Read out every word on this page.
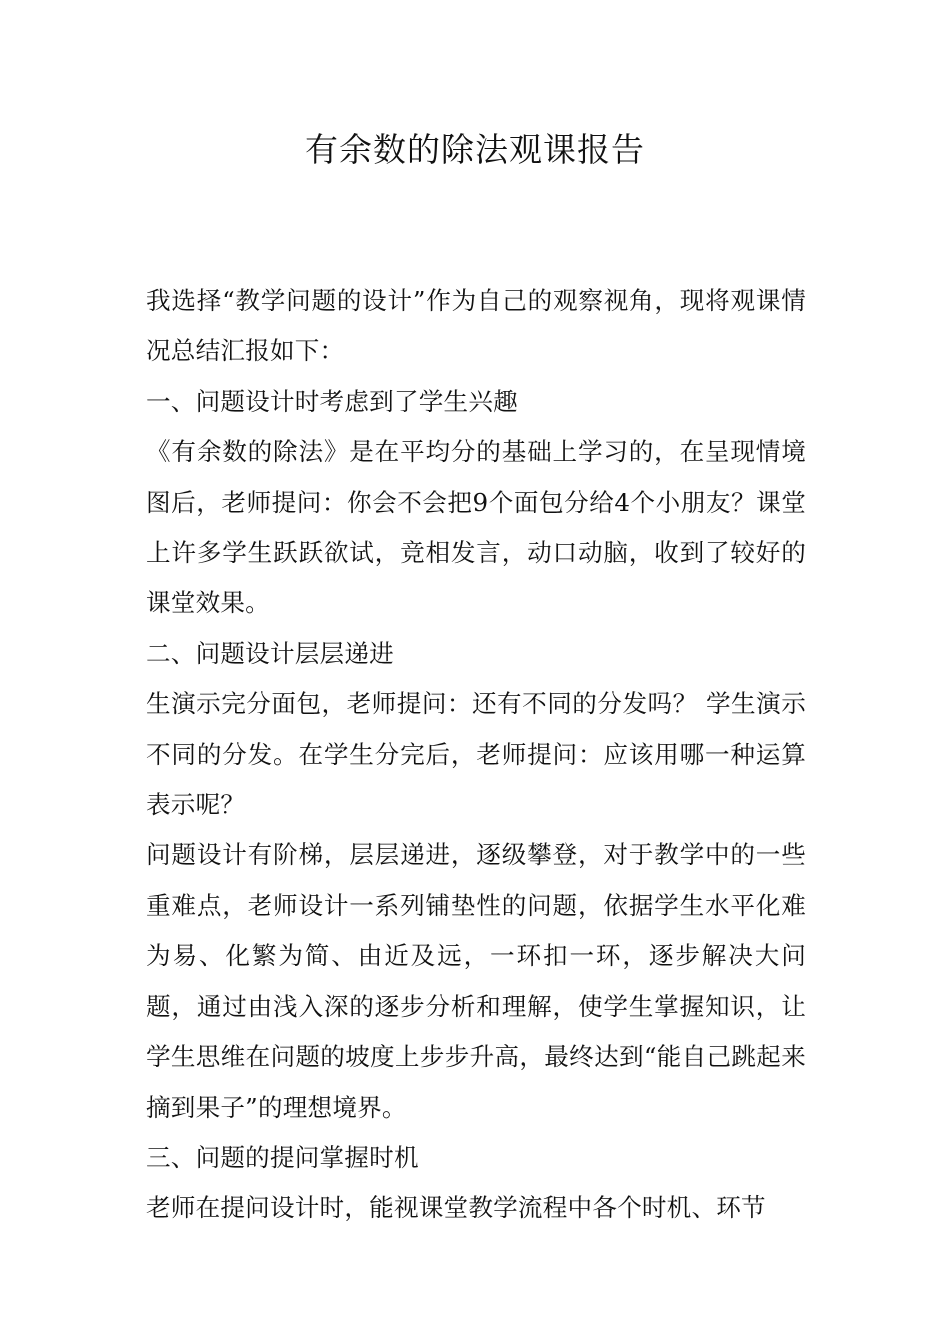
有余数的除法观课报告

我选择“教学问题的设计”作为自己的观察视角，现将观课情况总结汇报如下：

一、问题设计时考虑到了学生兴趣

《有余数的除法》是在平均分的基础上学习的，在呈现情境图后，老师提问：你会不会把9个面包分给4个小朋友？课堂上许多学生跃跃欲试，竞相发言，动口动脑，收到了较好的课堂效果。

二、问题设计层层递进

生演示完分面包，老师提问：还有不同的分发吗？ 学生演示不同的分发。在学生分完后，老师提问：应该用哪一种运算表示呢？

问题设计有阶梯，层层递进，逐级攀登，对于教学中的一些重难点，老师设计一系列铺垫性的问题，依据学生水平化难为易、化繁为简、由近及远，一环扣一环，逐步解决大问题，通过由浅入深的逐步分析和理解，使学生掌握知识，让学生思维在问题的坡度上步步升高，最终达到“能自己跳起来摘到果子”的理想境界。

三、问题的提问掌握时机

老师在提问设计时，能视课堂教学流程中各个时机、环节
